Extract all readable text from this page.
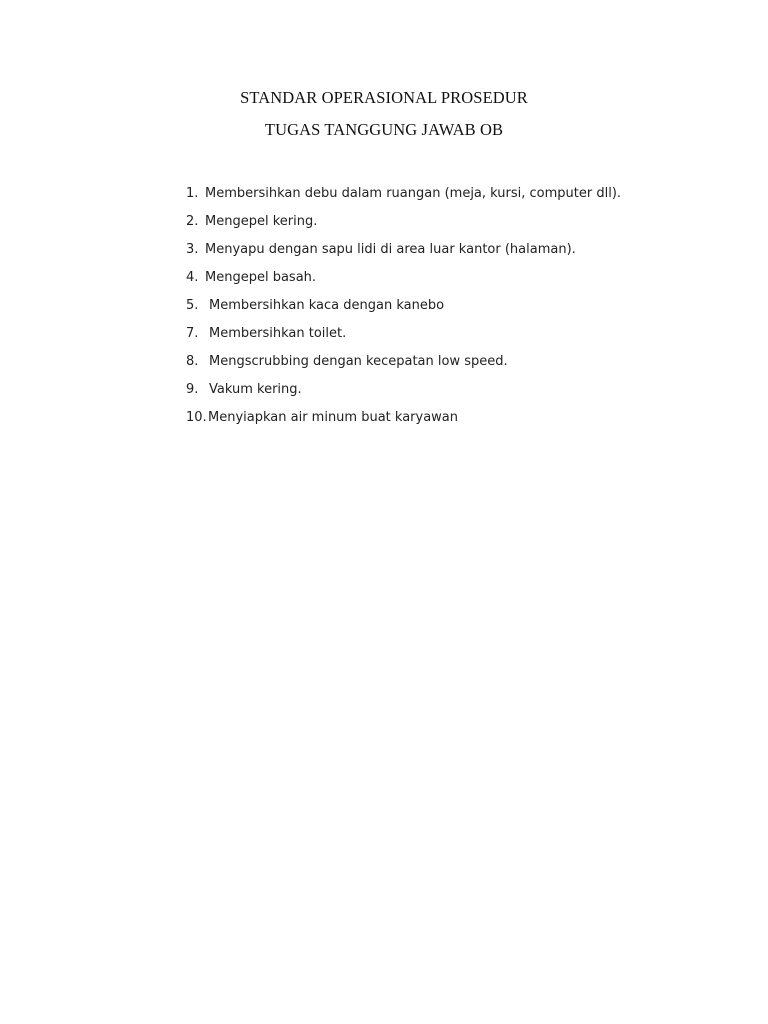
STANDAR OPERASIONAL PROSEDUR
TUGAS TANGGUNG JAWAB OB
1. Membersihkan debu dalam ruangan (meja, kursi, computer dll).
2. Mengepel kering.
3. Menyapu dengan sapu lidi di area luar kantor (halaman).
4. Mengepel basah.
5. Membersihkan kaca dengan kanebo
7. Membersihkan toilet.
8. Mengscrubbing dengan kecepatan low speed.
9. Vakum kering.
10.Menyiapkan air minum buat karyawan
